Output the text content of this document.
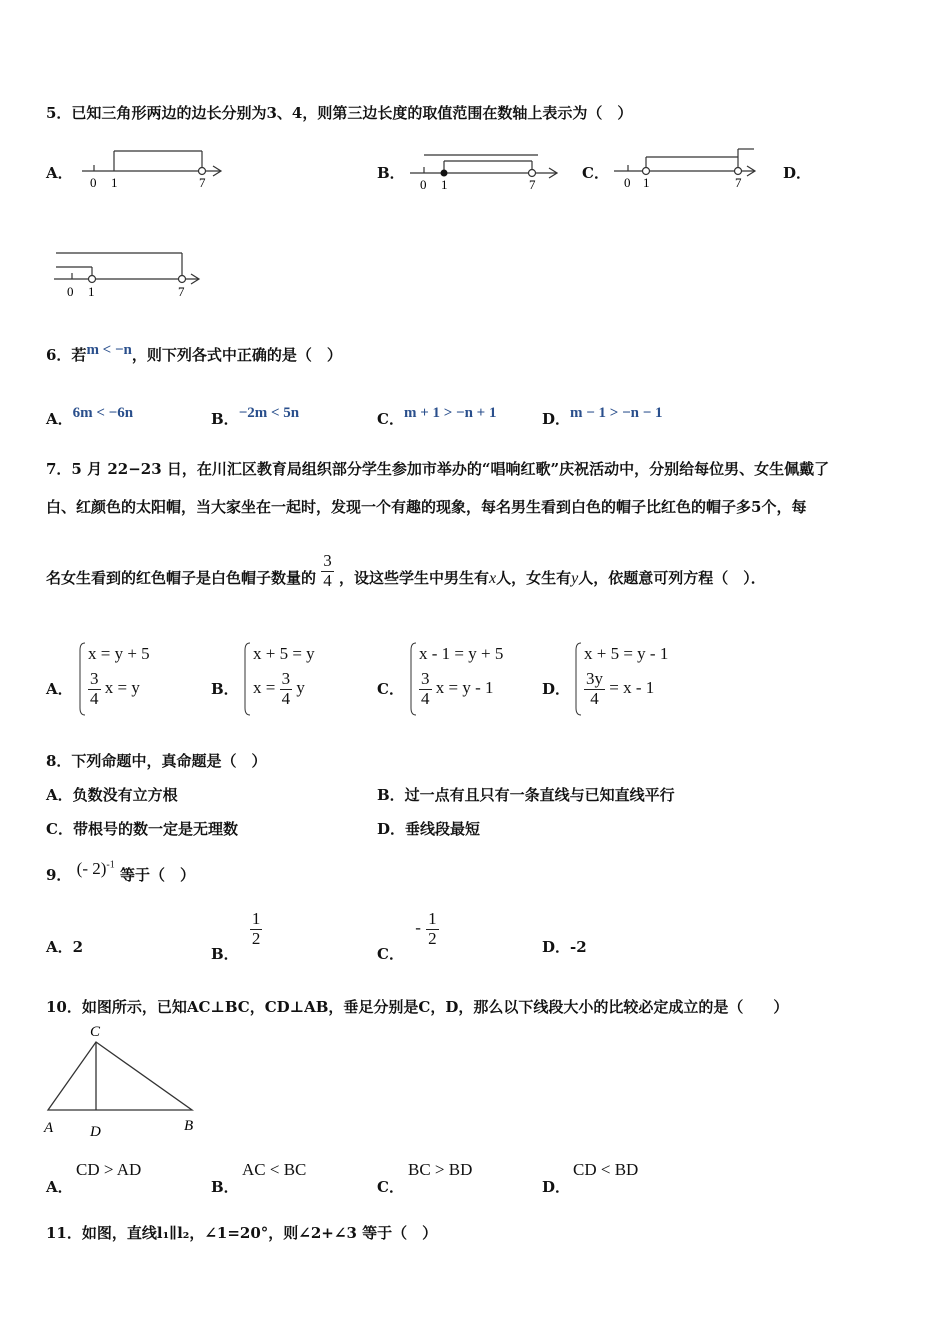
5．已知三角形两边的边长分别为3、4，则第三边长度的取值范围在数轴上表示为（　）
A．
0 1	7
B．
0 1	7
C．
0 1	7
D．
0 1	7
6．若m < −n，则下列各式中正确的是（　）
A．6m < −6n	B．−2m < 5n	C．m + 1 > −n + 1	D．m − 1 > −n − 1
7．5 月 22−23 日，在川汇区教育局组织部分学生参加市举办的“唱响红歌”庆祝活动中，分别给每位男、女生佩戴了
白、红颜色的太阳帽，当大家坐在一起时，发现一个有趣的现象，每名男生看到白色的帽子比红色的帽子多5个，每
名女生看到的红色帽子是白色帽子数量的 $\frac{3}{4}$ ，设这些学生中男生有x人，女生有y人，依题意可列方程（　）．
A．
x = y + 5
$\frac{3}{4}$ x = y	B．
x + 5 = y
$x = \frac{3}{4}$ y	C．
x - 1 = y + 5
$\frac{3}{4}$ x = y - 1	D．
x + 5 = y - 1
$\frac{3y}{4} = x - 1$
8．下列命题中，真命题是（　）
A．负数没有立方根	B．过一点有且只有一条直线与已知直线平行
C．带根号的数一定是无理数	D．垂线段最短
9． (- 2)$^{-1}$ 等于（　）
A．2	B．
$\frac{1}{2}$
C． - $\frac{1}{2}$	D．-2
10．如图所示，已知AC⊥BC，CD⊥AB，垂足分别是C，D，那么以下线段大小的比较必定成立的是（　　）
C
A D	B
A．
CD > AD
B．
AC < BC
C．
BC > BD
D．
CD < BD
11．如图，直线l₁∥l₂，∠1=20°，则∠2+∠3 等于（　）
